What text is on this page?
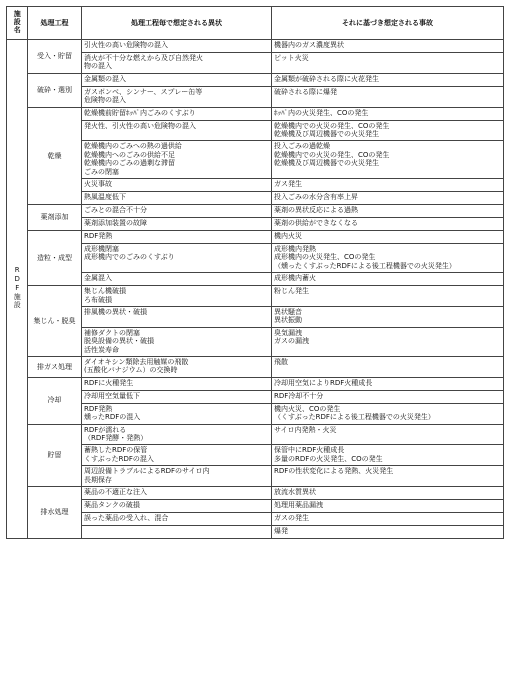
施設名	処理工程	処理工程毎で想定される異状	それに基づき想定される事故
RDF施設	受入・貯留	引火性の高い危険物の混入	機器内のガス濃度異状

		消火が不十分な燃えから及び自然発火
物の混入	ピット火災

	破砕・選別	金属類の混入	金属類が破砕される際に火花発生

		ガスボンベ、シンナー、スプレー缶等
危険物の混入	破砕される際に爆発

	乾燥	乾燥機前貯留ﾎｯﾊﾟ内ごみのくすぶり	ﾎｯﾊﾟ内の火災発生、COの発生

		発火性、引火性の高い危険物の混入	乾燥機内での火災の発生、COの発生
乾燥機及び周辺機器での火災発生

		乾燥機内のごみへの熱の過供給
乾燥機内へのごみの供給不足
乾燥機内のごみの過剰な滞留
ごみの閉塞	投入ごみの過乾燥
乾燥機内での火災の発生、COの発生
乾燥機及び周辺機器での火災発生

		火災事故	ガス発生

		熱風温度低下	投入ごみの水分含有率上昇

	薬剤添加	ごみとの混合不十分	薬剤の異状反応による過熱

		薬剤添加装置の故障	薬剤の供給ができなくなる

	造粒・成型	RDF発熱	機内火災

		成形機閉塞
成形機内でのごみのくすぶり	成形機内発熱
成形機内の火災発生、COの発生
（燻ったくすぶったRDFによる後工程機器での火災発生）

		金属混入	成形機内蓄火

	集じん・脱臭	集じん機破損
ろ布破損	粉じん発生

		排風機の異状・破損	異状騒音
異状振動

		補修ダクトの閉塞
脱臭設備の異状・破損
活性炭寿命	臭気漏洩
ガスの漏洩

	排ガス処理	ダイオキシン類除去用触媒の飛散
(五酸化バナジウム）の交換時	飛散

	冷却	RDFに火種発生	冷却用空気によりRDF火種成長

		冷却用空気量低下	RDF冷却不十分

		RDF発熱
燻ったRDFの混入	機内火災、COの発生
（くすぶったRDFによる後工程機器での火災発生）

	貯留	RDFが濡れる
（RDF発酵・発熱）	サイロ内発熱・火災

		蓄熱したRDFの保管
くすぶったRDFの混入	保管中にRDF火種成長
多量のRDFの火災発生、COの発生

		周辺設備トラブルによるRDFのサイロ内
長期保存	RDFの性状変化による発熱、火災発生

	排水処理	薬品の不適正な注入	放流水質異状

		薬品タンクの破損	処理用薬品漏洩

		誤った薬品の受入れ、混合	ガスの発生

			爆発
